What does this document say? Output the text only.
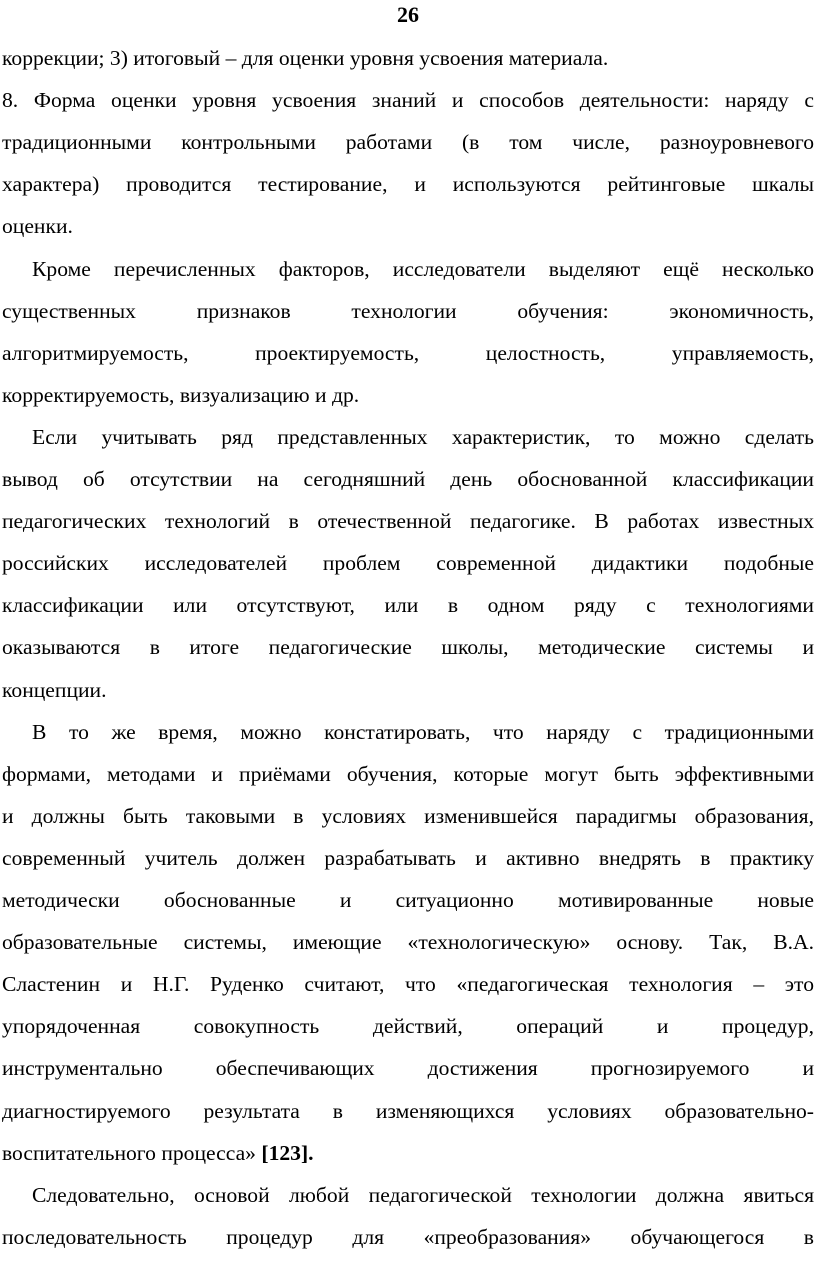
26
коррекции; 3) итоговый – для оценки уровня усвоения материала.
8. Форма оценки уровня усвоения знаний и способов деятельности: наряду с
традиционными контрольными работами (в том числе, разноуровневого
характера) проводится тестирование, и используются рейтинговые шкалы
оценки.
Кроме перечисленных факторов, исследователи выделяют ещё несколько
существенных признаков технологии обучения: экономичность,
алгоритмируемость, проектируемость, целостность, управляемость,
корректируемость, визуализацию и др.
Если учитывать ряд представленных характеристик, то можно сделать
вывод об отсутствии на сегодняшний день обоснованной классификации
педагогических технологий в отечественной педагогике. В работах известных
российских исследователей проблем современной дидактики подобные
классификации или отсутствуют, или в одном ряду с технологиями
оказываются в итоге педагогические школы, методические системы и
концепции.
В то же время, можно констатировать, что наряду с традиционными
формами, методами и приёмами обучения, которые могут быть эффективными
и должны быть таковыми в условиях изменившейся парадигмы образования,
современный учитель должен разрабатывать и активно внедрять в практику
методически обоснованные и ситуационно мотивированные новые
образовательные системы, имеющие «технологическую» основу. Так, В.А.
Сластенин и Н.Г. Руденко считают, что «педагогическая технология – это
упорядоченная совокупность действий, операций и процедур,
инструментально обеспечивающих достижения прогнозируемого и
диагностируемого результата в изменяющихся условиях образовательно-
воспитательного процесса» [123].
Следовательно, основой любой педагогической технологии должна явиться
последовательность процедур для «преобразования» обучающегося в
